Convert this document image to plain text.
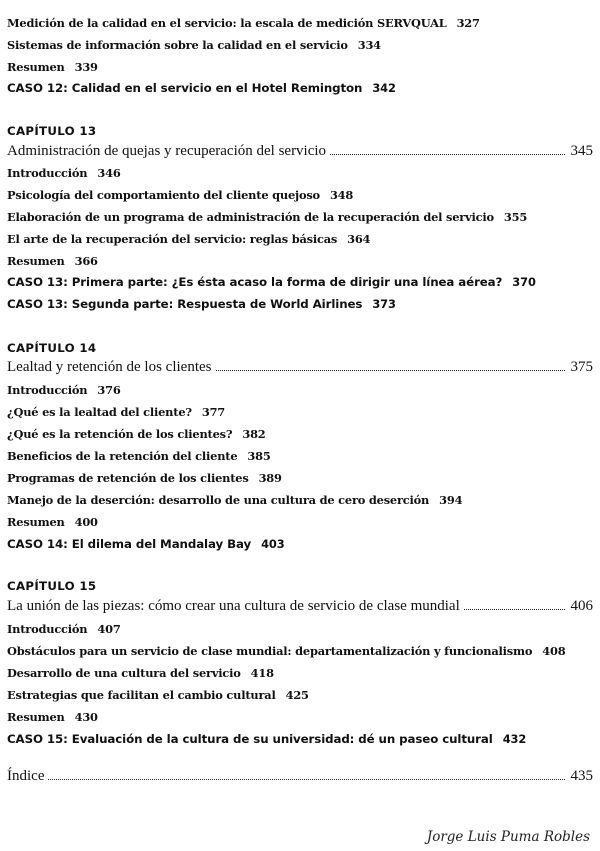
Medición de la calidad en el servicio: la escala de medición SERVQUAL 327
Sistemas de información sobre la calidad en el servicio 334
Resumen 339
CASO 12: Calidad en el servicio en el Hotel Remington 342
CAPÍTULO 13
Administración de quejas y recuperación del servicio	345
Introducción 346
Psicología del comportamiento del cliente quejoso 348
Elaboración de un programa de administración de la recuperación del servicio 355
El arte de la recuperación del servicio: reglas básicas 364
Resumen 366
CASO 13: Primera parte: ¿Es ésta acaso la forma de dirigir una línea aérea? 370
CASO 13: Segunda parte: Respuesta de World Airlines 373
CAPÍTULO 14
Lealtad y retención de los clientes	375
Introducción 376
¿Qué es la lealtad del cliente? 377
¿Qué es la retención de los clientes? 382
Beneficios de la retención del cliente 385
Programas de retención de los clientes 389
Manejo de la deserción: desarrollo de una cultura de cero deserción 394
Resumen 400
CASO 14: El dilema del Mandalay Bay 403
CAPÍTULO 15
La unión de las piezas: cómo crear una cultura de servicio de clase mundial	406
Introducción 407
Obstáculos para un servicio de clase mundial: departamentalización y funcionalismo 408
Desarrollo de una cultura del servicio 418
Estrategias que facilitan el cambio cultural 425
Resumen 430
CASO 15: Evaluación de la cultura de su universidad: dé un paseo cultural 432
Índice	435
Jorge Luis Puma Robles
